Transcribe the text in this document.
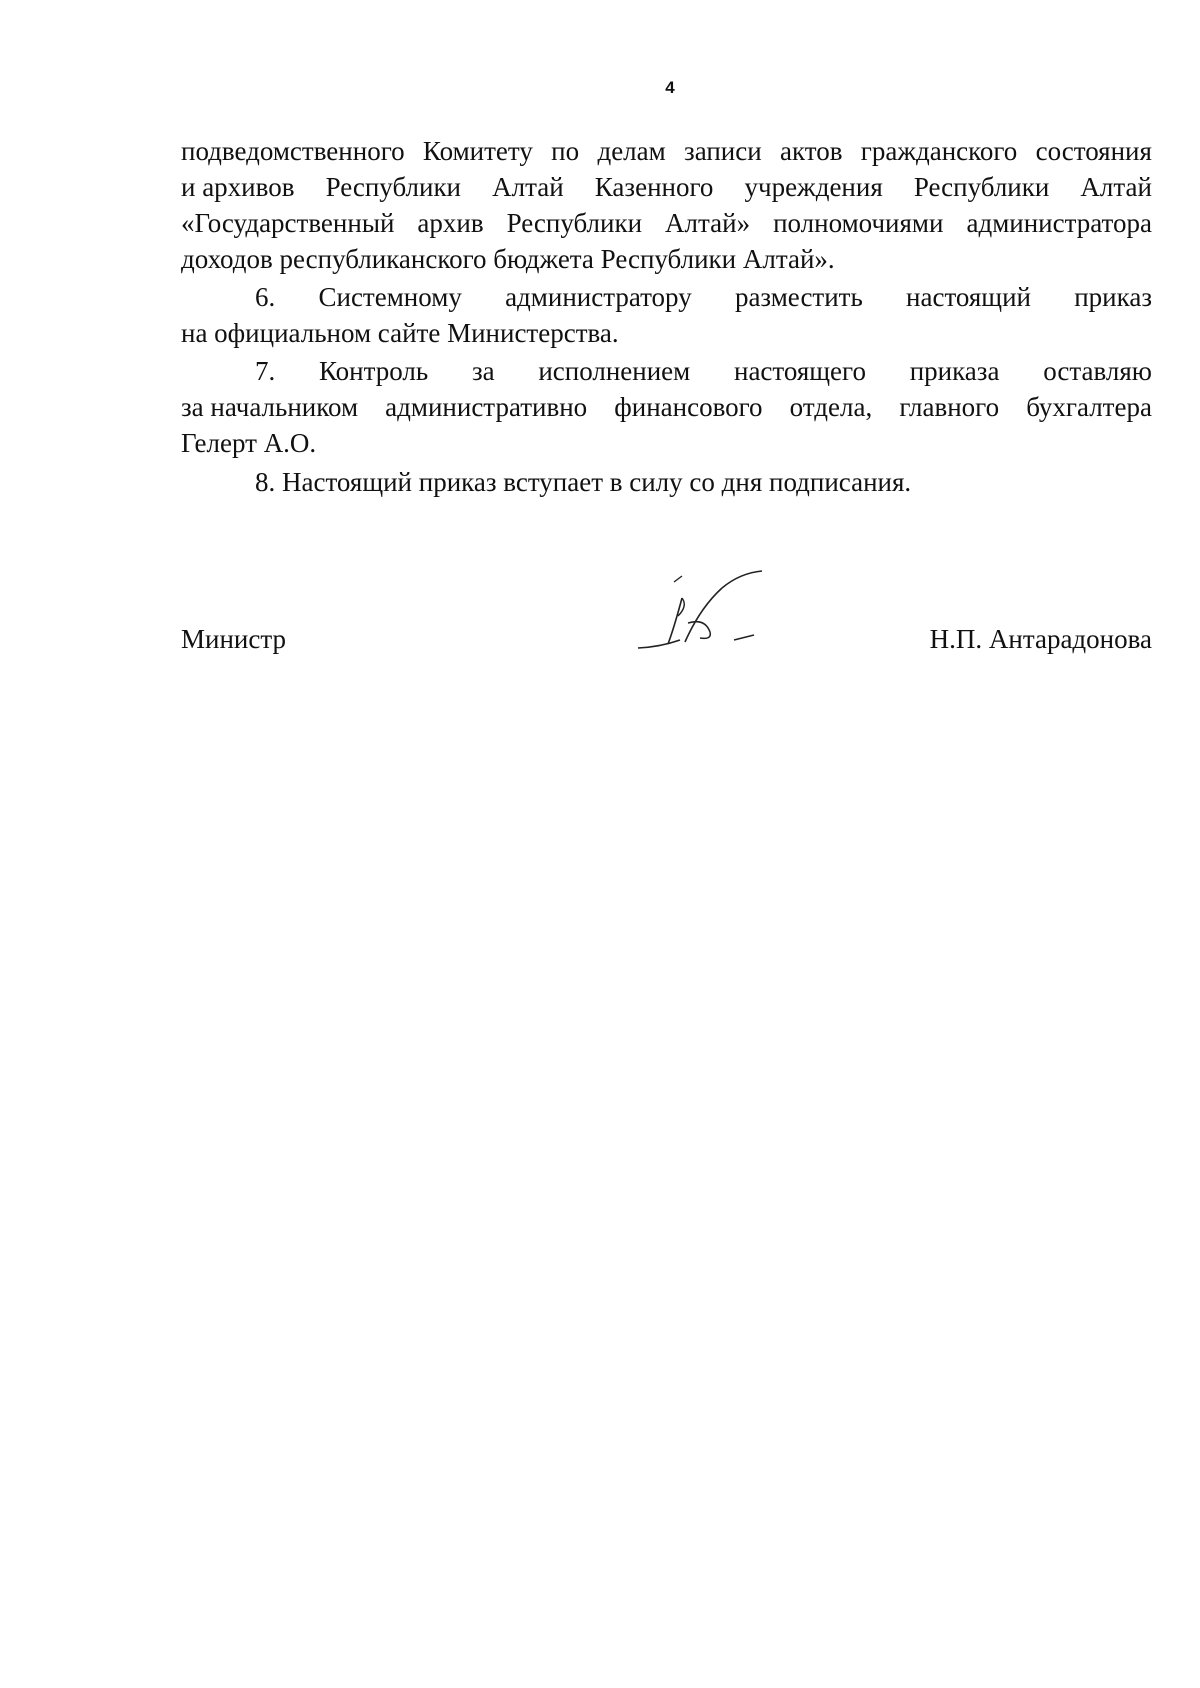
4
подведомственного Комитету по делам записи актов гражданского состояния
и архивов Республики Алтай Казенного учреждения Республики Алтай
«Государственный архив Республики Алтай» полномочиями администратора
доходов республиканского бюджета Республики Алтай».
6. Системному администратору разместить настоящий приказ
на официальном сайте Министерства.
7. Контроль за исполнением настоящего приказа оставляю
за начальником административно финансового отдела, главного бухгалтера
Гелерт А.О.
8. Настоящий приказ вступает в силу со дня подписания.
Министр	Н.П. Антарадонова
